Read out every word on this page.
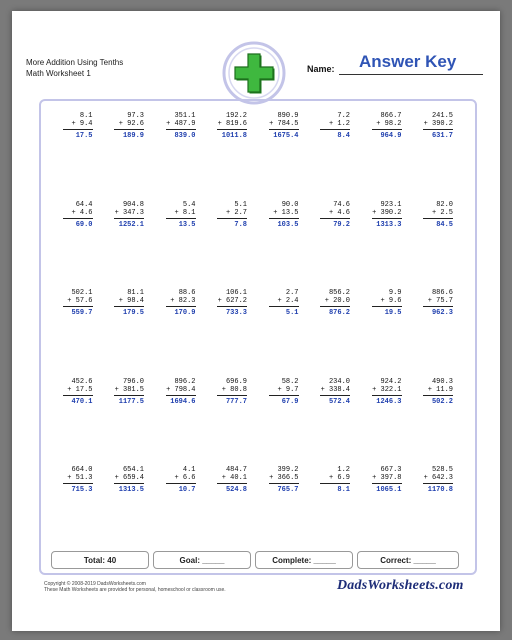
More Addition Using Tenths
Math Worksheet 1	Name: Answer Key
8.1
+ 9.4
17.5
97.3
+ 92.6
189.9
351.1
+ 487.9
839.0
192.2
+ 819.6
1011.8
890.9
+ 784.5
1675.4
7.2
+ 1.2
8.4
866.7
+ 98.2
964.9
241.5
+ 390.2
631.7
64.4
+ 4.6
69.0
904.8
+ 347.3
1252.1
5.4
+ 8.1
13.5
5.1
+ 2.7
7.8
90.0
+ 13.5
103.5
74.6
+ 4.6
79.2
923.1
+ 390.2
1313.3
82.0
+ 2.5
84.5
502.1
+ 57.6
559.7
81.1
+ 98.4
179.5
88.6
+ 82.3
170.9
106.1
+ 627.2
733.3
2.7
+ 2.4
5.1
856.2
+ 20.0
876.2
9.9
+ 9.6
19.5
886.6
+ 75.7
962.3
452.6
+ 17.5
470.1
796.0
+ 381.5
1177.5
896.2
+ 798.4
1694.6
696.9
+ 80.8
777.7
58.2
+ 9.7
67.9
234.0
+ 338.4
572.4
924.2
+ 322.1
1246.3
490.3
+ 11.9
502.2
664.0
+ 51.3
715.3
654.1
+ 659.4
1313.5
4.1
+ 6.6
10.7
484.7
+ 40.1
524.8
399.2
+ 366.5
765.7
1.2
+ 6.9
8.1
667.3
+ 397.8
1065.1
528.5
+ 642.3
1170.8
Total: 40	Goal: _____	Complete: _____	Correct: _____
Copyright © 2008-2019 DadsWorksheets.com
These Math Worksheets are provided for personal, homeschool or classroom use.	DadsWorksheets.com
